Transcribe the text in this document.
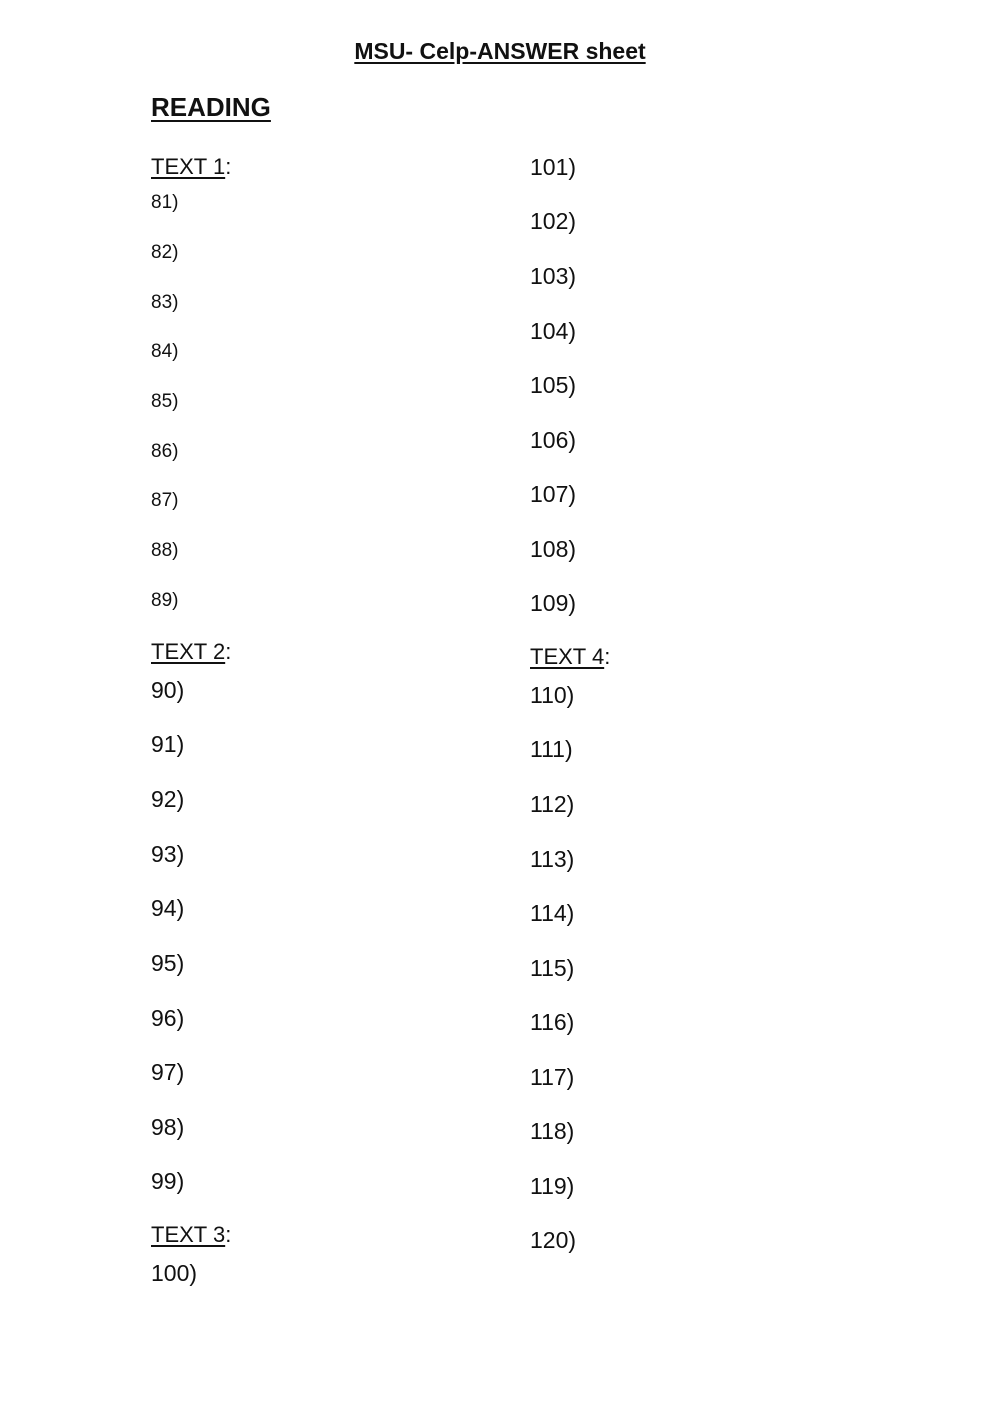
MSU- Celp-ANSWER sheet
READING
TEXT 1:
81)
82)
83)
84)
85)
86)
87)
88)
89)
TEXT 2:
90)
91)
92)
93)
94)
95)
96)
97)
98)
99)
TEXT 3:
100)
101)
102)
103)
104)
105)
106)
107)
108)
109)
TEXT 4:
110)
111)
112)
113)
114)
115)
116)
117)
118)
119)
120)
